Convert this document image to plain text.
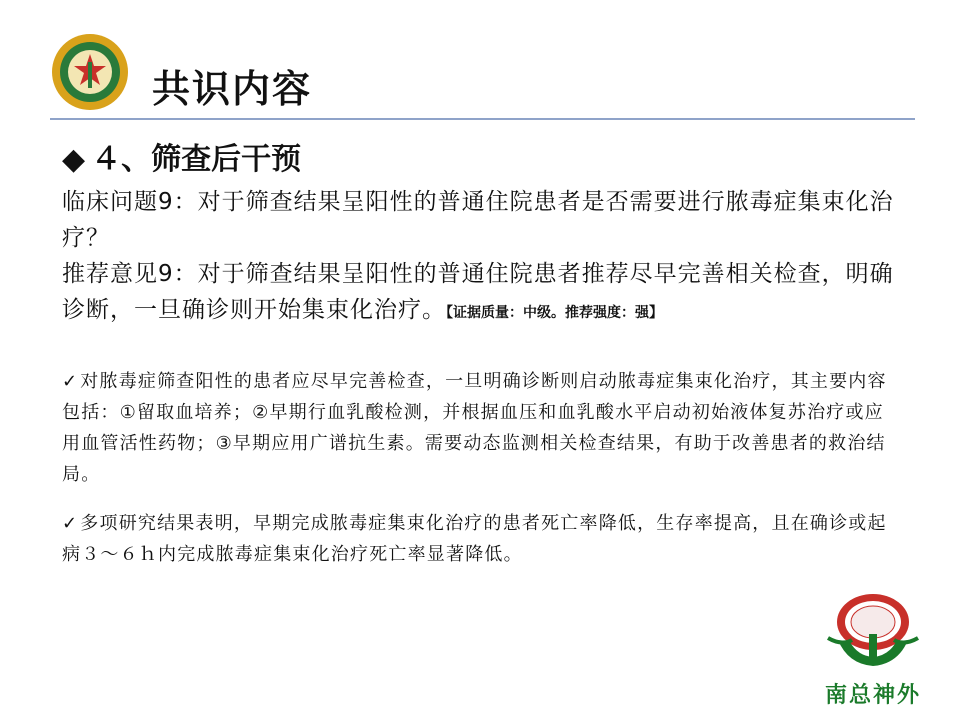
共识内容
◆ ４、筛查后干预

临床问题9：对于筛查结果呈阳性的普通住院患者是否需要进行脓毒症集束化治疗？

推荐意见9：对于筛查结果呈阳性的普通住院患者推荐尽早完善相关检查，明确诊断，一旦确诊则开始集束化治疗。【证据质量：中级。推荐强度：强】

✓ 对脓毒症筛查阳性的患者应尽早完善检查，一旦明确诊断则启动脓毒症集束化治疗，其主要内容包括：①留取血培养；②早期行血乳酸检测，并根据血压和血乳酸水平启动初始液体复苏治疗或应用血管活性药物；③早期应用广谱抗生素。需要动态监测相关检查结果，有助于改善患者的救治结局。

✓ 多项研究结果表明，早期完成脓毒症集束化治疗的患者死亡率降低，生存率提高，且在确诊或起病３～６ｈ内完成脓毒症集束化治疗死亡率显著降低。

南总神外
